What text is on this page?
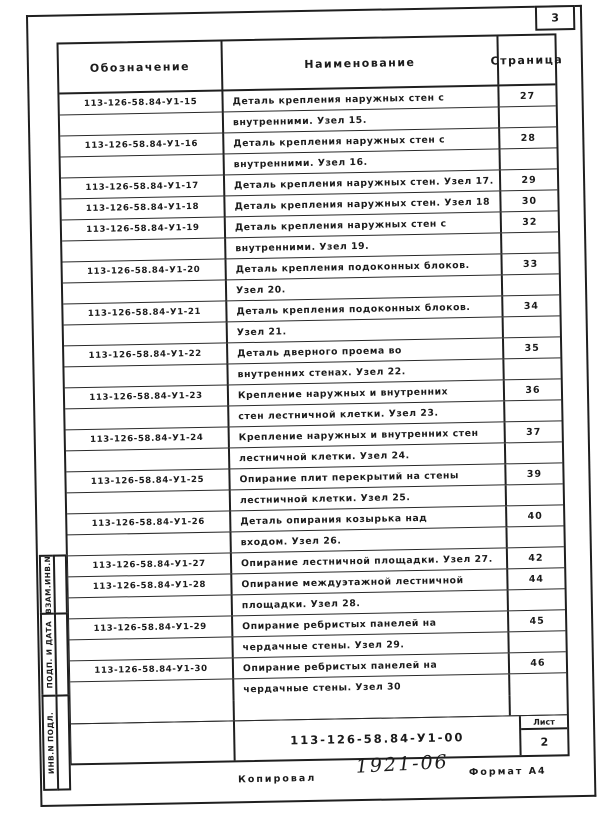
3
Обозначение	Наименование	Страница
113-126-58.84-У1-15	Деталь крепления наружных стен с	27
внутренними. Узел 15.
113-126-58.84-У1-16	Деталь крепления наружных стен с	28
внутренними. Узел 16.
113-126-58.84-У1-17	Деталь крепления наружных стен. Узел 17.	29
113-126-58.84-У1-18	Деталь крепления наружных стен. Узел 18	30
113-126-58.84-У1-19	Деталь крепления наружных стен с	32
внутренними. Узел 19.
113-126-58.84-У1-20	Деталь крепления подоконных блоков.	33
Узел 20.
113-126-58.84-У1-21	Деталь крепления подоконных блоков.	34
Узел 21.
113-126-58.84-У1-22	Деталь дверного проема во	35
внутренних стенах. Узел 22.
113-126-58.84-У1-23	Крепление наружных и внутренних	36
стен лестничной клетки. Узел 23.
113-126-58.84-У1-24	Крепление наружных и внутренних стен	37
лестничной клетки. Узел 24.
113-126-58.84-У1-25	Опирание плит перекрытий на стены	39
лестничной клетки. Узел 25.
113-126-58.84-У1-26	Деталь опирания козырька над	40
входом. Узел 26.
113-126-58.84-У1-27	Опирание лестничной площадки. Узел 27.	42
113-126-58.84-У1-28	Опирание междуэтажной лестничной	44
площадки. Узел 28.
113-126-58.84-У1-29	Опирание ребристых панелей на	45
чердачные стены. Узел 29.
113-126-58.84-У1-30	Опирание ребристых панелей на	46
чердачные стены. Узел 30
113-126-58.84-У1-00
Лист
2
ВЗАМ.ИНВ.N
ПОДП. И ДАТА
ИНВ.N ПОДЛ.
Копировал
1921-06 Формат А4
